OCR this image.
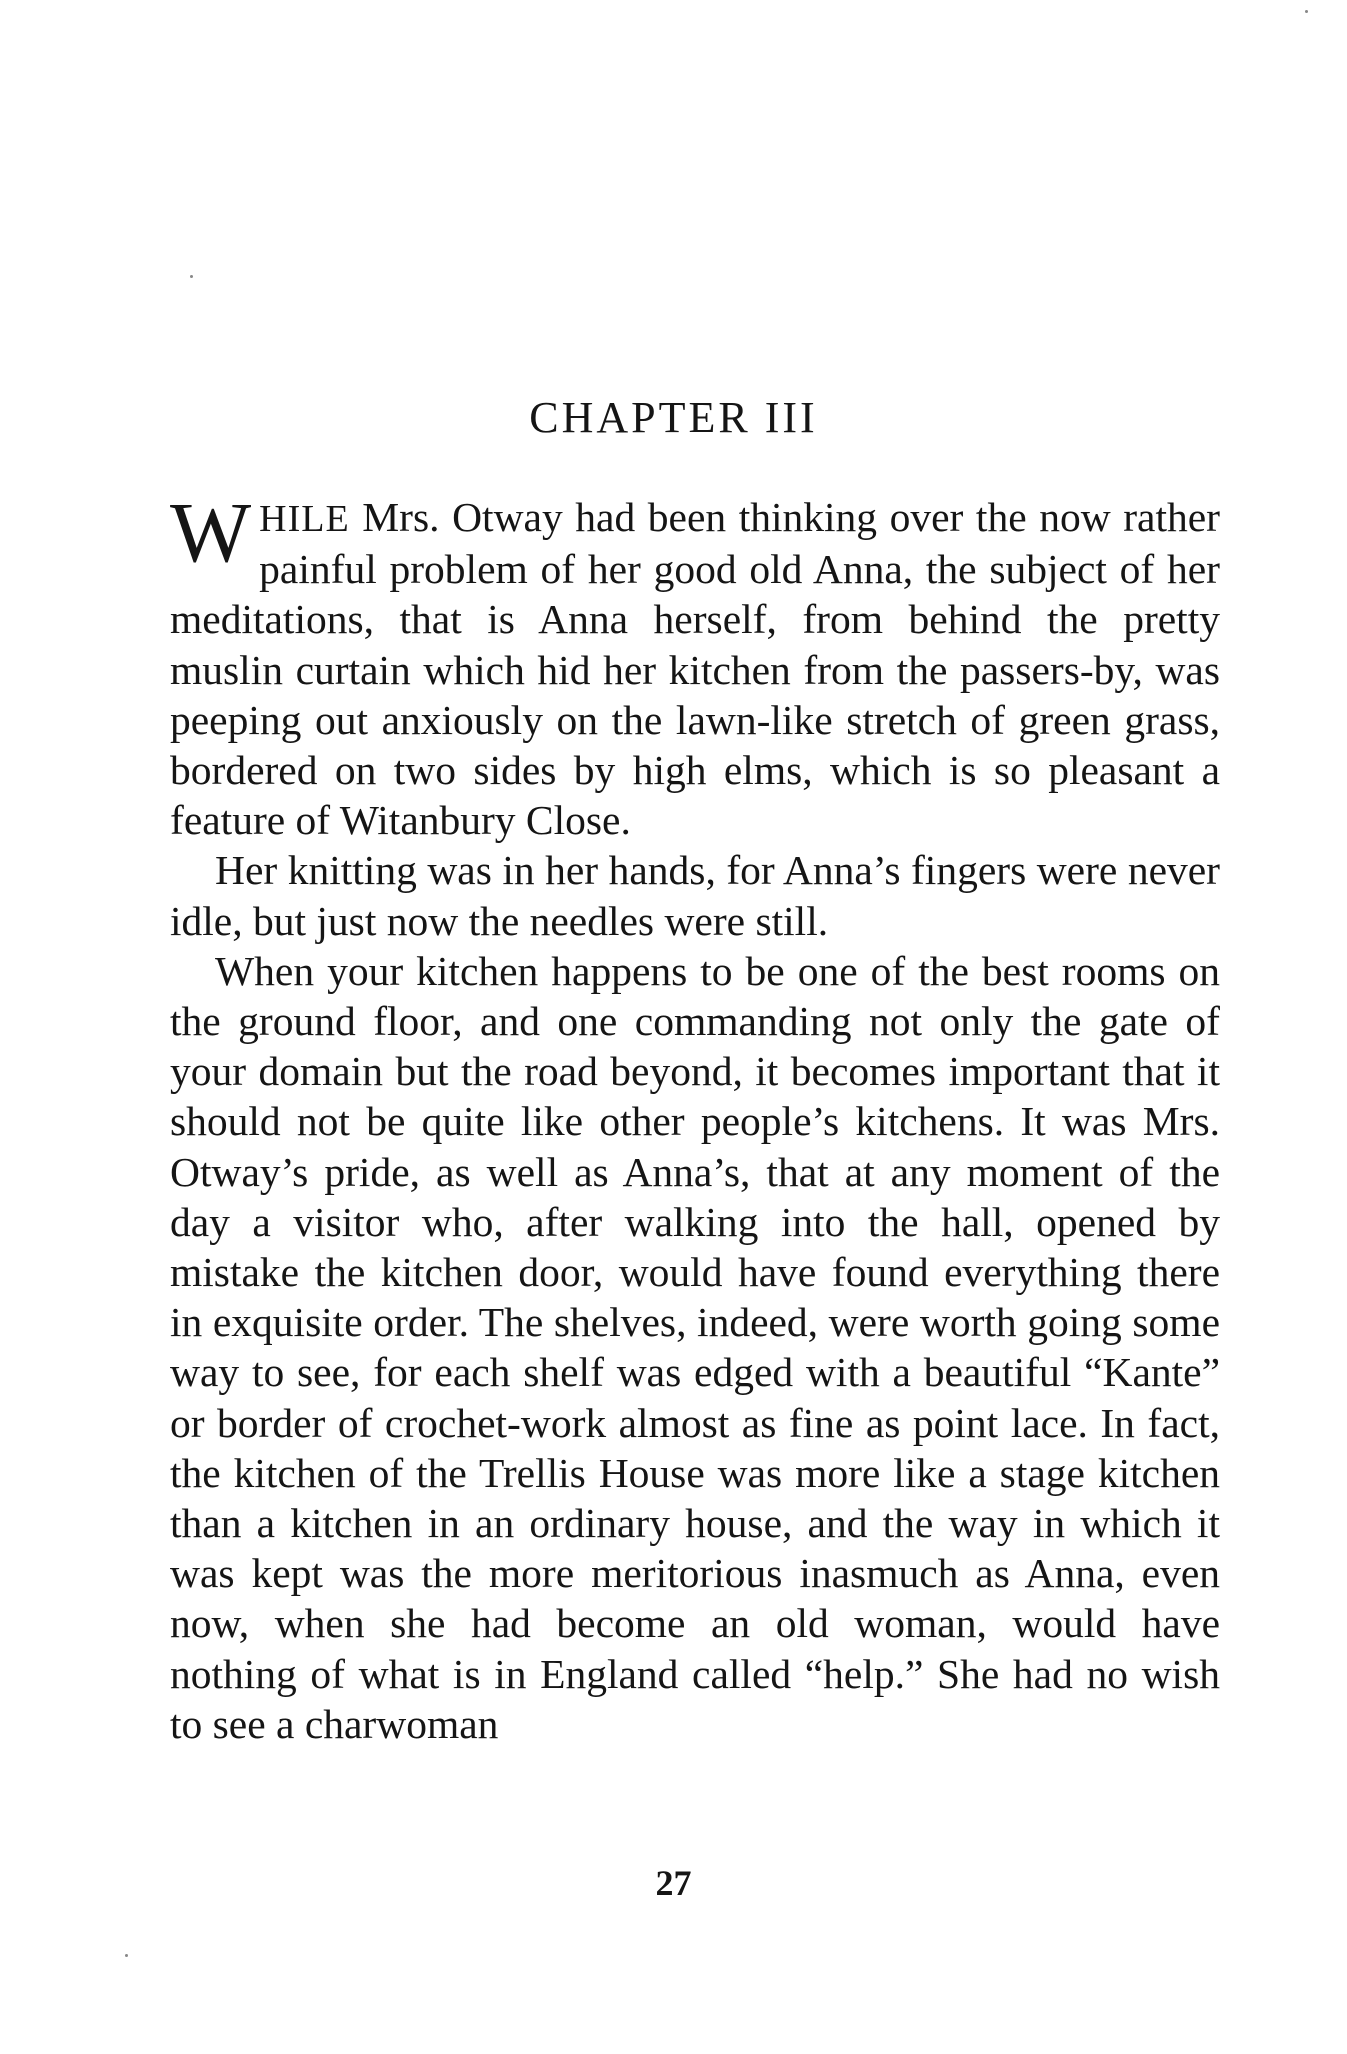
CHAPTER III

WHILE Mrs. Otway had been thinking over the now rather painful problem of her good old Anna, the subject of her meditations, that is Anna herself, from behind the pretty muslin curtain which hid her kitchen from the passers-by, was peeping out anxiously on the lawn-like stretch of green grass, bordered on two sides by high elms, which is so pleasant a feature of Witanbury Close.

Her knitting was in her hands, for Anna’s fingers were never idle, but just now the needles were still.

When your kitchen happens to be one of the best rooms on the ground floor, and one commanding not only the gate of your domain but the road beyond, it becomes important that it should not be quite like other people’s kitchens. It was Mrs. Otway’s pride, as well as Anna’s, that at any moment of the day a visitor who, after walking into the hall, opened by mistake the kitchen door, would have found everything there in exquisite order. The shelves, indeed, were worth going some way to see, for each shelf was edged with a beautiful “Kante” or border of crochet-work almost as fine as point lace. In fact, the kitchen of the Trellis House was more like a stage kitchen than a kitchen in an ordinary house, and the way in which it was kept was the more meritorious inasmuch as Anna, even now, when she had become an old woman, would have nothing of what is in England called “help.” She had no wish to see a charwoman

27
